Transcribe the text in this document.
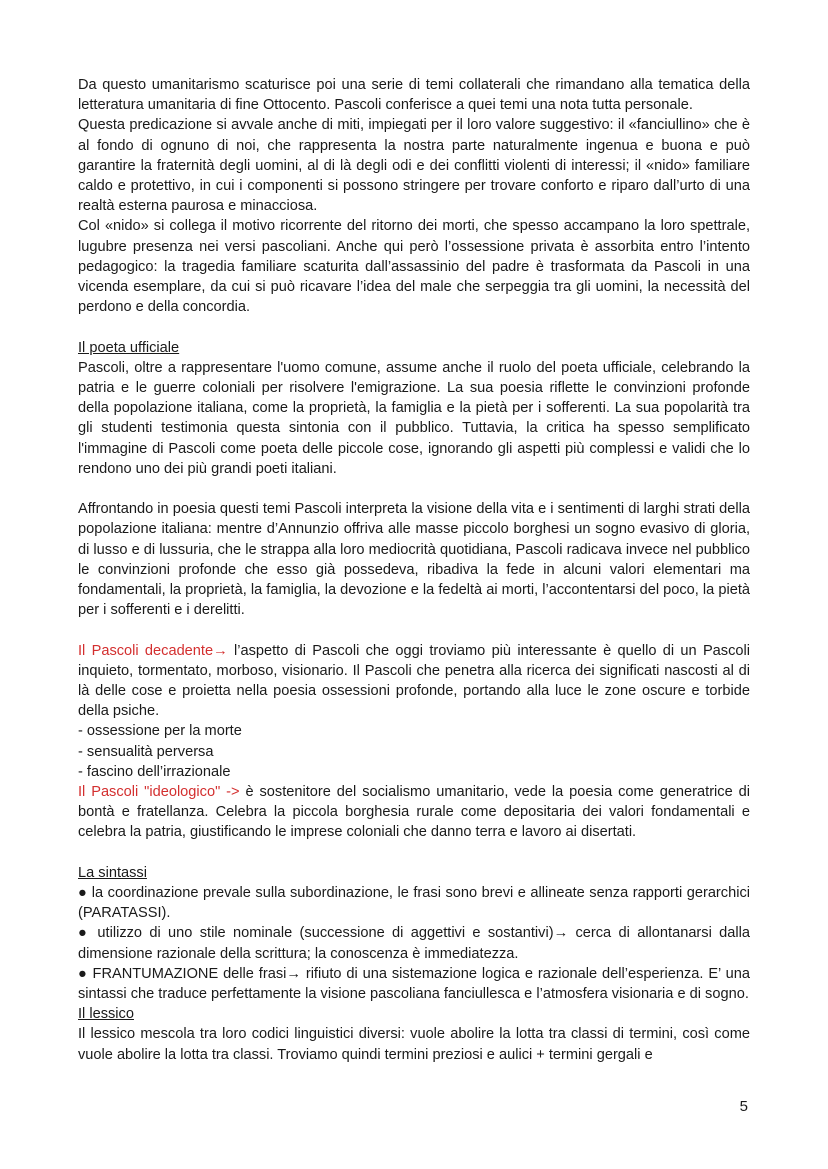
Da questo umanitarismo scaturisce poi una serie di temi collaterali che rimandano alla tematica della letteratura umanitaria di fine Ottocento. Pascoli conferisce a quei temi una nota tutta personale.

Questa predicazione si avvale anche di miti, impiegati per il loro valore suggestivo: il «fanciullino» che è al fondo di ognuno di noi, che rappresenta la nostra parte naturalmente ingenua e buona e può garantire la fraternità degli uomini, al di là degli odi e dei conflitti violenti di interessi; il «nido» familiare caldo e protettivo, in cui i componenti si possono stringere per trovare conforto e riparo dall’urto di una realtà esterna paurosa e minacciosa.

Col «nido» si collega il motivo ricorrente del ritorno dei morti, che spesso accampano la loro spettrale, lugubre presenza nei versi pascoliani. Anche qui però l’ossessione privata è assorbita entro l’intento pedagogico: la tragedia familiare scaturita dall’assassinio del padre è trasformata da Pascoli in una vicenda esemplare, da cui si può ricavare l’idea del male che serpeggia tra gli uomini, la necessità del perdono e della concordia.

Il poeta ufficiale

Pascoli, oltre a rappresentare l'uomo comune, assume anche il ruolo del poeta ufficiale, celebrando la patria e le guerre coloniali per risolvere l'emigrazione. La sua poesia riflette le convinzioni profonde della popolazione italiana, come la proprietà, la famiglia e la pietà per i sofferenti. La sua popolarità tra gli studenti testimonia questa sintonia con il pubblico. Tuttavia, la critica ha spesso semplificato l'immagine di Pascoli come poeta delle piccole cose, ignorando gli aspetti più complessi e validi che lo rendono uno dei più grandi poeti italiani.

Affrontando in poesia questi temi Pascoli interpreta la visione della vita e i sentimenti di larghi strati della popolazione italiana: mentre d’Annunzio offriva alle masse piccolo borghesi un sogno evasivo di gloria, di lusso e di lussuria, che le strappa alla loro mediocrità quotidiana, Pascoli radicava invece nel pubblico le convinzioni profonde che esso già possedeva, ribadiva la fede in alcuni valori elementari ma fondamentali, la proprietà, la famiglia, la devozione e la fedeltà ai morti, l’accontentarsi del poco, la pietà per i sofferenti e i derelitti.

Il Pascoli decadente→ l’aspetto di Pascoli che oggi troviamo più interessante è quello di un Pascoli inquieto, tormentato, morboso, visionario. Il Pascoli che penetra alla ricerca dei significati nascosti al di là delle cose e proietta nella poesia ossessioni profonde, portando alla luce le zone oscure e torbide della psiche.

- ossessione per la morte

- sensualità perversa

- fascino dell’irrazionale

Il Pascoli "ideologico" -> è sostenitore del socialismo umanitario, vede la poesia come generatrice di bontà e fratellanza. Celebra la piccola borghesia rurale come depositaria dei valori fondamentali e celebra la patria, giustificando le imprese coloniali che danno terra e lavoro ai disertati.

La sintassi

● la coordinazione prevale sulla subordinazione, le frasi sono brevi e allineate senza rapporti gerarchici (PARATASSI).

● utilizzo di uno stile nominale (successione di aggettivi e sostantivi)→ cerca di allontanarsi dalla dimensione razionale della scrittura; la conoscenza è immediatezza.

● FRANTUMAZIONE delle frasi→ rifiuto di una sistemazione logica e razionale dell’esperienza. E’ una sintassi che traduce perfettamente la visione pascoliana fanciullesca e l’atmosfera visionaria e di sogno.

Il lessico

Il lessico mescola tra loro codici linguistici diversi: vuole abolire la lotta tra classi di termini, così come vuole abolire la lotta tra classi. Troviamo quindi termini preziosi e aulici + termini gergali e

5
